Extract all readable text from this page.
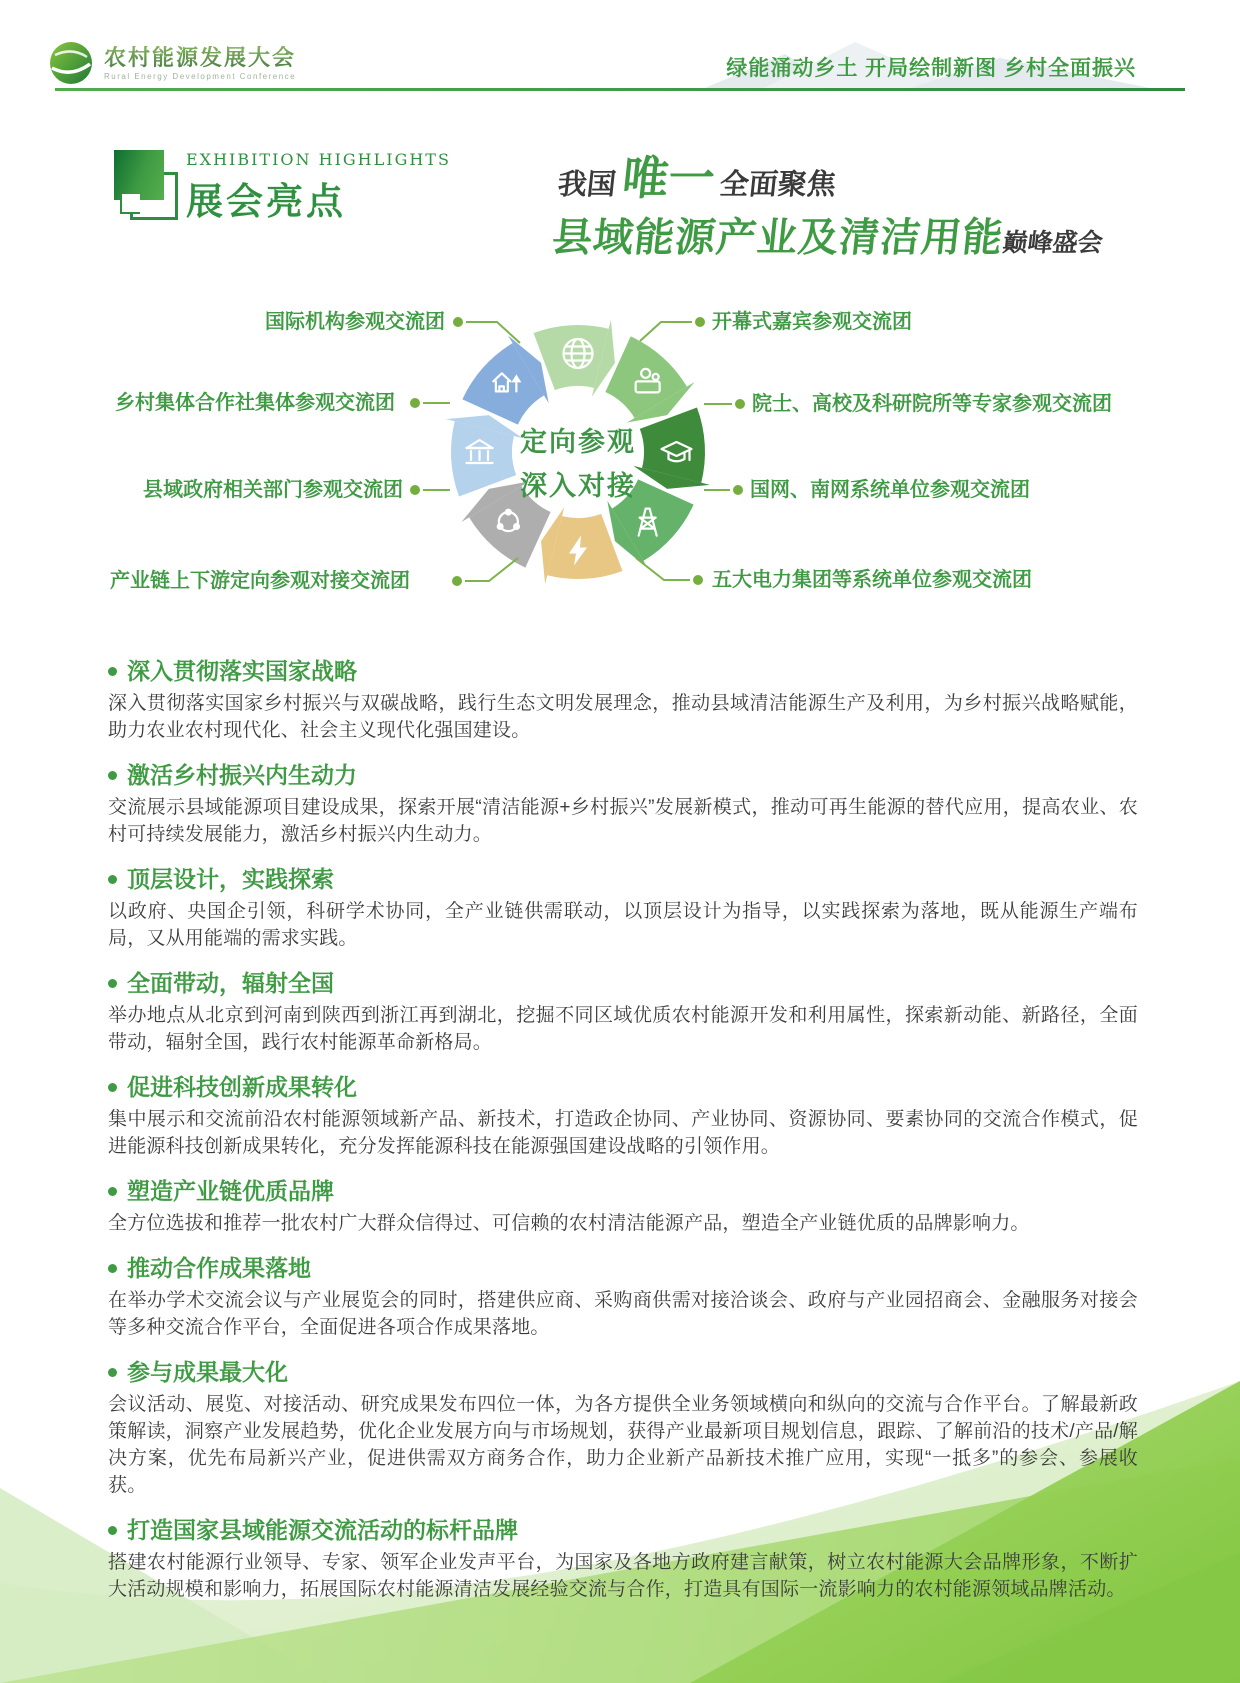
农村能源发展大会
Rural Energy Development Conference	绿能涌动乡土 开局绘制新图 乡村全面振兴
EXHIBITION HIGHLIGHTS
展会亮点	我国唯一全面聚焦
县域能源产业及清洁用能巅峰盛会
定向参观
深入对接
国际机构参观交流团	开幕式嘉宾参观交流团
乡村集体合作社集体参观交流团	院士、高校及科研院所等专家参观交流团
县域政府相关部门参观交流团	国网、南网系统单位参观交流团
产业链上下游定向参观对接交流团	五大电力集团等系统单位参观交流团
深入贯彻落实国家战略

深入贯彻落实国家乡村振兴与双碳战略，践行生态文明发展理念，推动县域清洁能源生产及利用，为乡村振兴战略赋能，助力农业农村现代化、社会主义现代化强国建设。

激活乡村振兴内生动力

交流展示县域能源项目建设成果，探索开展“清洁能源+乡村振兴”发展新模式，推动可再生能源的替代应用，提高农业、农村可持续发展能力，激活乡村振兴内生动力。

顶层设计，实践探索

以政府、央国企引领，科研学术协同，全产业链供需联动，以顶层设计为指导，以实践探索为落地，既从能源生产端布局，又从用能端的需求实践。

全面带动，辐射全国

举办地点从北京到河南到陕西到浙江再到湖北，挖掘不同区域优质农村能源开发和利用属性，探索新动能、新路径，全面带动，辐射全国，践行农村能源革命新格局。

促进科技创新成果转化

集中展示和交流前沿农村能源领域新产品、新技术，打造政企协同、产业协同、资源协同、要素协同的交流合作模式，促进能源科技创新成果转化，充分发挥能源科技在能源强国建设战略的引领作用。

塑造产业链优质品牌

全方位选拔和推荐一批农村广大群众信得过、可信赖的农村清洁能源产品，塑造全产业链优质的品牌影响力。

推动合作成果落地

在举办学术交流会议与产业展览会的同时，搭建供应商、采购商供需对接洽谈会、政府与产业园招商会、金融服务对接会等多种交流合作平台，全面促进各项合作成果落地。

参与成果最大化

会议活动、展览、对接活动、研究成果发布四位一体，为各方提供全业务领域横向和纵向的交流与合作平台。了解最新政策解读，洞察产业发展趋势，优化企业发展方向与市场规划，获得产业最新项目规划信息，跟踪、了解前沿的技术/产品/解决方案，优先布局新兴产业，促进供需双方商务合作，助力企业新产品新技术推广应用，实现“一抵多”的参会、参展收获。

打造国家县域能源交流活动的标杆品牌

搭建农村能源行业领导、专家、领军企业发声平台，为国家及各地方政府建言献策，树立农村能源大会品牌形象，不断扩大活动规模和影响力，拓展国际农村能源清洁发展经验交流与合作，打造具有国际一流影响力的农村能源领域品牌活动。
